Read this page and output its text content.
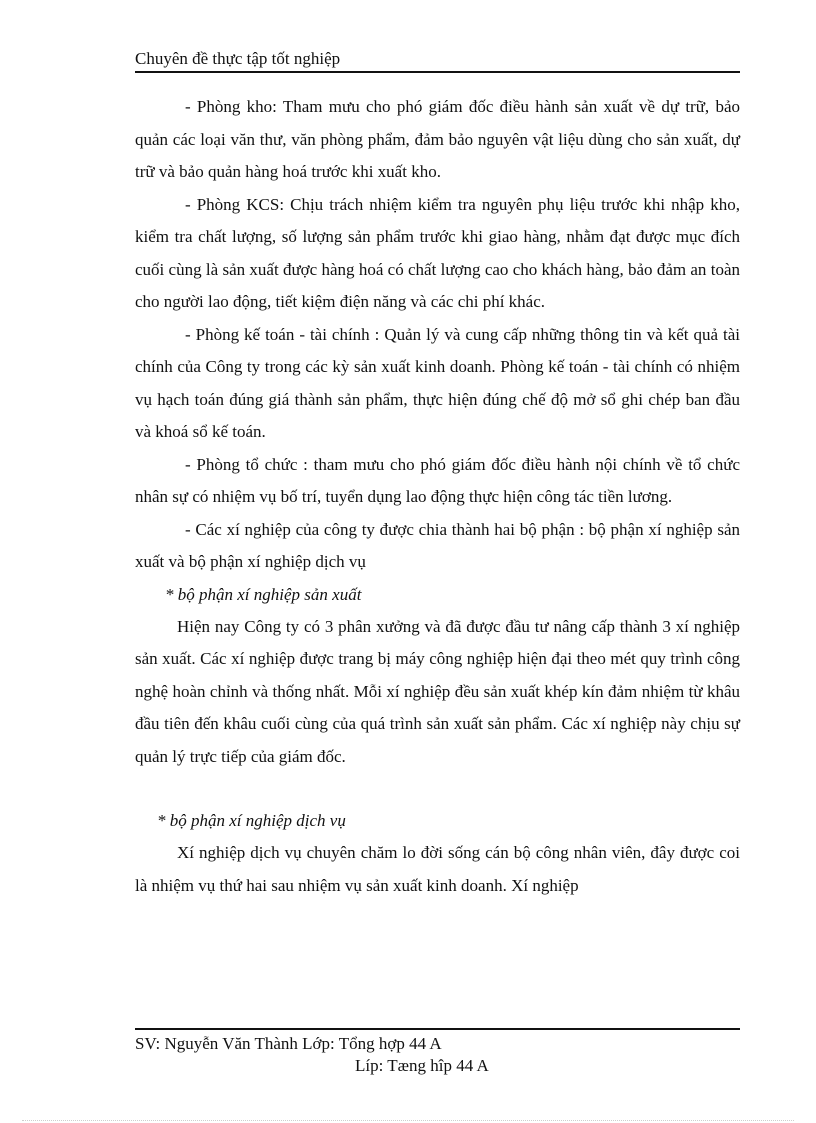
Chuyên đề thực tập tốt nghiệp

- Phòng kho: Tham mưu cho phó giám đốc điều hành sản xuất về dự trữ, bảo quản các loại văn thư, văn phòng phẩm, đảm bảo nguyên vật liệu dùng cho sản xuất, dự trữ và bảo quản hàng hoá trước khi xuất kho.

- Phòng KCS: Chịu trách nhiệm kiểm tra nguyên phụ liệu trước khi nhập kho, kiểm tra chất lượng, số lượng sản phẩm trước khi giao hàng, nhằm đạt được mục đích cuối cùng là sản xuất được hàng hoá có chất lượng cao cho khách hàng, bảo đảm an toàn cho người lao động, tiết kiệm điện năng và các chi phí khác.

- Phòng kế toán - tài chính : Quản lý và cung cấp những thông tin và kết quả tài chính của Công ty trong các kỳ sản xuất kinh doanh. Phòng kế toán - tài chính có nhiệm vụ hạch toán đúng giá thành sản phẩm, thực hiện đúng chế độ mở sổ ghi chép ban đầu và khoá sổ kế toán.

- Phòng tổ chức : tham mưu cho phó giám đốc điều hành nội chính về tổ chức nhân sự có nhiệm vụ bố trí, tuyển dụng lao động thực hiện công tác tiền lương.

- Các xí nghiệp của công ty được chia thành hai bộ phận : bộ phận xí nghiệp sản xuất và bộ phận xí nghiệp dịch vụ

* bộ phận xí nghiệp sản xuất

Hiện nay Công ty có 3 phân xưởng và đã được đầu tư nâng cấp thành 3 xí nghiệp sản xuất. Các xí nghiệp được trang bị máy công nghiệp hiện đại theo mét quy trình công nghệ hoàn chỉnh và thống nhất. Mỗi xí nghiệp đều sản xuất khép kín đảm nhiệm từ khâu đầu tiên đến khâu cuối cùng của quá trình sản xuất sản phẩm. Các xí nghiệp này chịu sự quản lý trực tiếp của giám đốc.

* bộ phận xí nghiệp dịch vụ

Xí nghiệp dịch vụ chuyên chăm lo đời sống cán bộ công nhân viên, đây được coi là nhiệm vụ thứ hai sau nhiệm vụ sản xuất kinh doanh. Xí nghiệp

SV: Nguyễn Văn Thành Lớp: Tổng hợp 44 A
Líp: Tæng hîp 44 A
